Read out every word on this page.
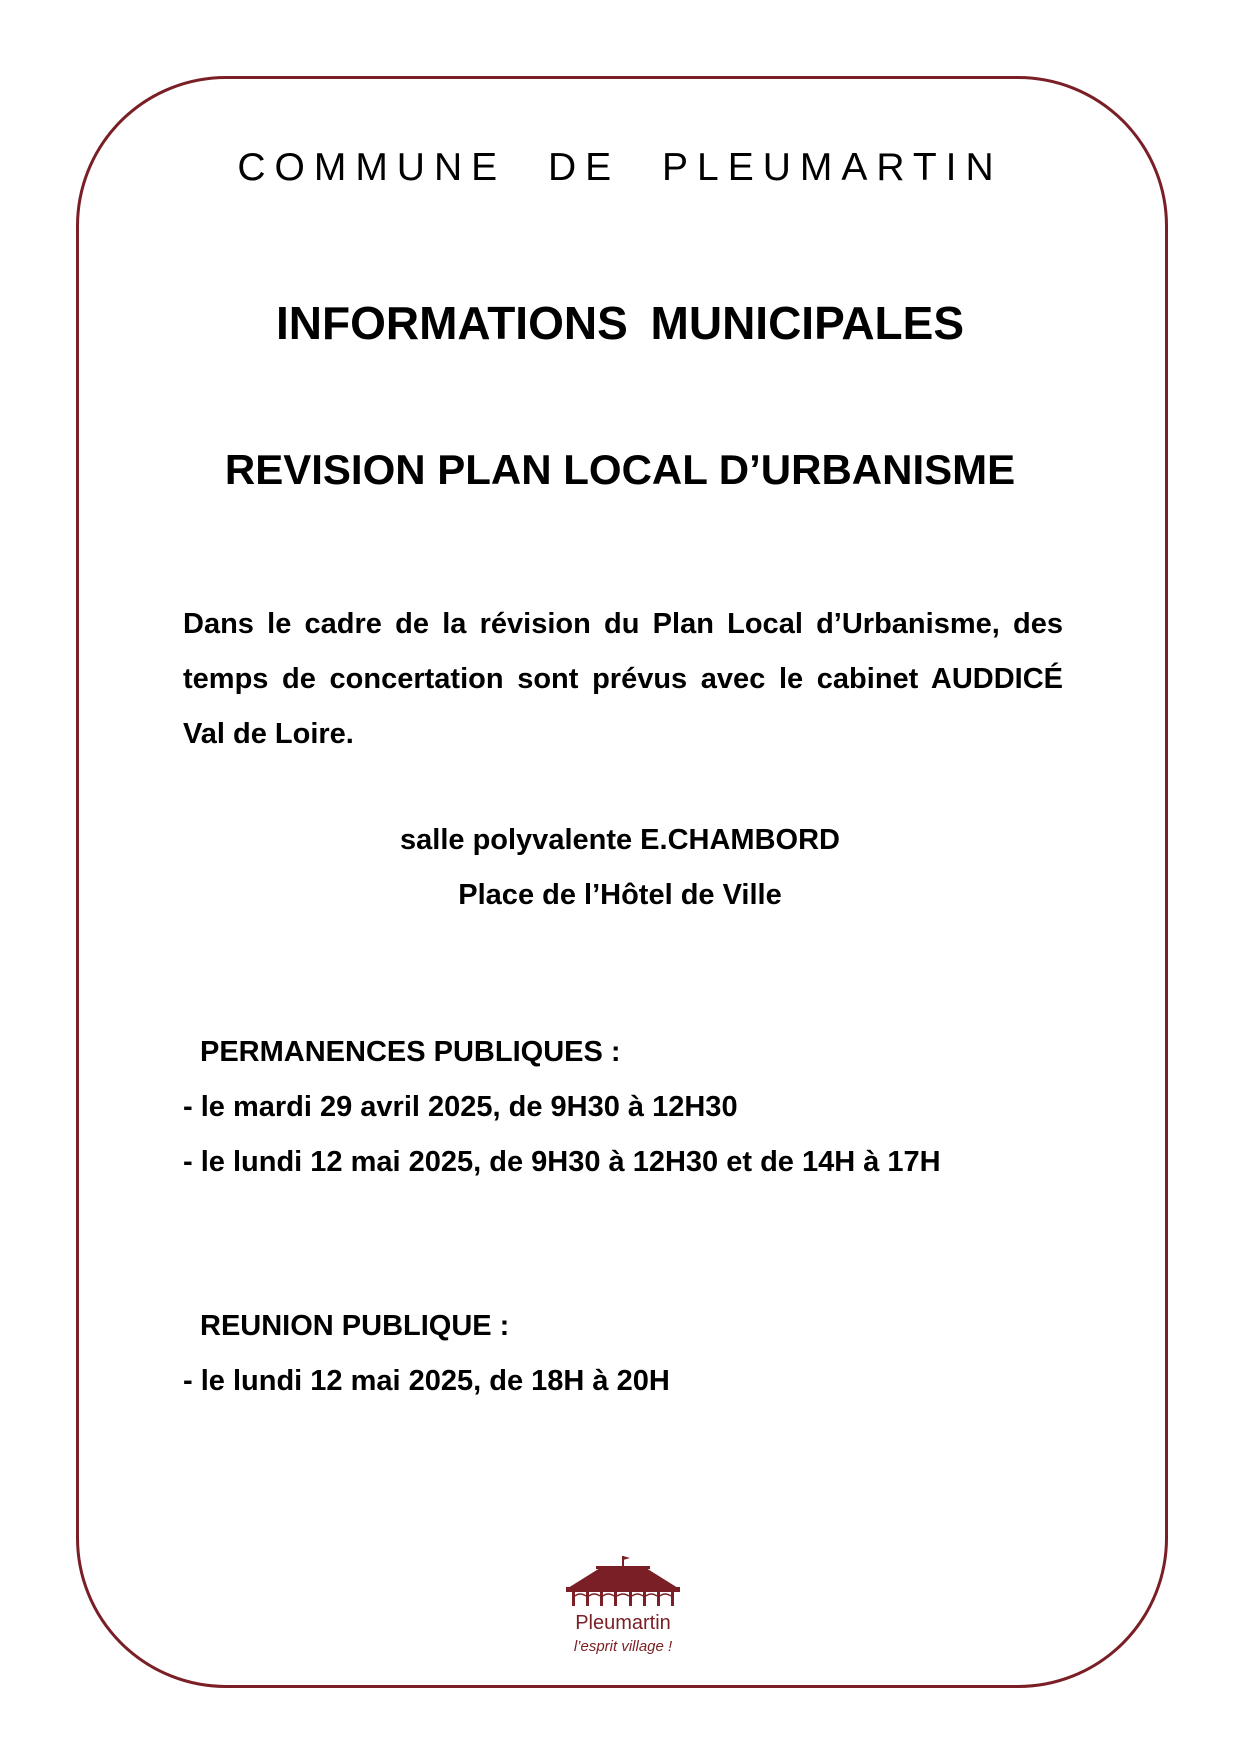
COMMUNE DE PLEUMARTIN
INFORMATIONS MUNICIPALES
REVISION PLAN LOCAL D’URBANISME
Dans le cadre de la révision du Plan Local d’Urbanisme, des temps de concertation sont prévus avec le cabinet AUDDICÉ Val de Loire.
salle polyvalente E.CHAMBORD
Place de l’Hôtel de Ville
PERMANENCES PUBLIQUES :
- le mardi 29 avril 2025, de 9H30 à 12H30
- le lundi 12 mai 2025, de 9H30 à 12H30 et de 14H à 17H
REUNION PUBLIQUE :
- le lundi 12 mai 2025, de 18H à 20H
Pleumartin
l’esprit village !
